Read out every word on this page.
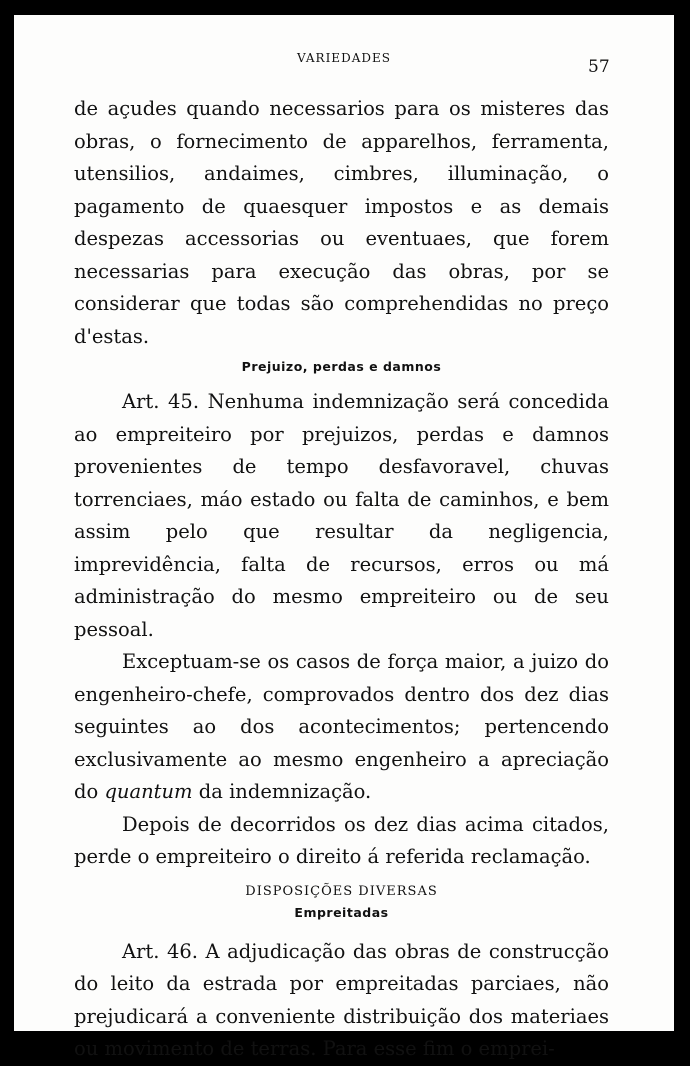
VARIEDADES	57

de açudes quando necessarios para os misteres das obras, o fornecimento de apparelhos, ferramenta, utensilios, andaimes, cimbres, illuminação, o pagamento de quaesquer impostos e as demais despezas accessorias ou eventuaes, que forem necessarias para execução das obras, por se considerar que todas são comprehendidas no preço d'estas.

Prejuizo, perdas e damnos

Art. 45. Nenhuma indemnização será concedida ao empreiteiro por prejuizos, perdas e damnos provenientes de tempo desfavoravel, chuvas torrenciaes, máo estado ou falta de caminhos, e bem assim pelo que resultar da negligencia, imprevidência, falta de recursos, erros ou má administração do mesmo empreiteiro ou de seu pessoal.

Exceptuam-se os casos de força maior, a juizo do engenheiro-chefe, comprovados dentro dos dez dias seguintes ao dos acontecimentos; pertencendo exclusivamente ao mesmo engenheiro a apreciação do quantum da indemnização.

Depois de decorridos os dez dias acima citados, perde o empreiteiro o direito á referida reclamação.

DISPOSIÇÕES DIVERSAS
Empreitadas

Art. 46. A adjudicação das obras de construcção do leito da estrada por empreitadas parciaes, não prejudicará a conveniente distribuição dos materiaes ou movimento de terras. Para esse fim o emprei-
